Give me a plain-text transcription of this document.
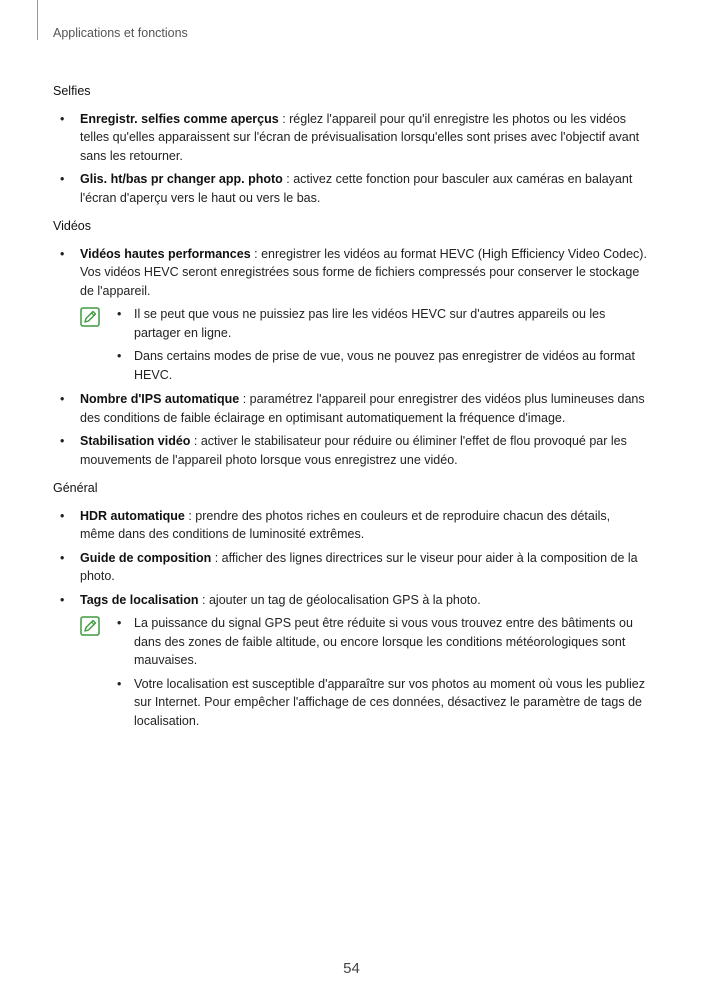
Applications et fonctions
Selfies
• Enregistr. selfies comme aperçus : réglez l'appareil pour qu'il enregistre les photos ou les vidéos telles qu'elles apparaissent sur l'écran de prévisualisation lorsqu'elles sont prises avec l'objectif avant sans les retourner.
• Glis. ht/bas pr changer app. photo : activez cette fonction pour basculer aux caméras en balayant l'écran d'aperçu vers le haut ou vers le bas.
Vidéos
• Vidéos hautes performances : enregistrer les vidéos au format HEVC (High Efficiency Video Codec). Vos vidéos HEVC seront enregistrées sous forme de fichiers compressés pour conserver le stockage de l'appareil.
• Il se peut que vous ne puissiez pas lire les vidéos HEVC sur d'autres appareils ou les partager en ligne.
• Dans certains modes de prise de vue, vous ne pouvez pas enregistrer de vidéos au format HEVC.
• Nombre d'IPS automatique : paramétrez l'appareil pour enregistrer des vidéos plus lumineuses dans des conditions de faible éclairage en optimisant automatiquement la fréquence d'image.
• Stabilisation vidéo : activer le stabilisateur pour réduire ou éliminer l'effet de flou provoqué par les mouvements de l'appareil photo lorsque vous enregistrez une vidéo.
Général
• HDR automatique : prendre des photos riches en couleurs et de reproduire chacun des détails, même dans des conditions de luminosité extrêmes.
• Guide de composition : afficher des lignes directrices sur le viseur pour aider à la composition de la photo.
• Tags de localisation : ajouter un tag de géolocalisation GPS à la photo.
• La puissance du signal GPS peut être réduite si vous vous trouvez entre des bâtiments ou dans des zones de faible altitude, ou encore lorsque les conditions météorologiques sont mauvaises.
• Votre localisation est susceptible d'apparaître sur vos photos au moment où vous les publiez sur Internet. Pour empêcher l'affichage de ces données, désactivez le paramètre de tags de localisation.
54
